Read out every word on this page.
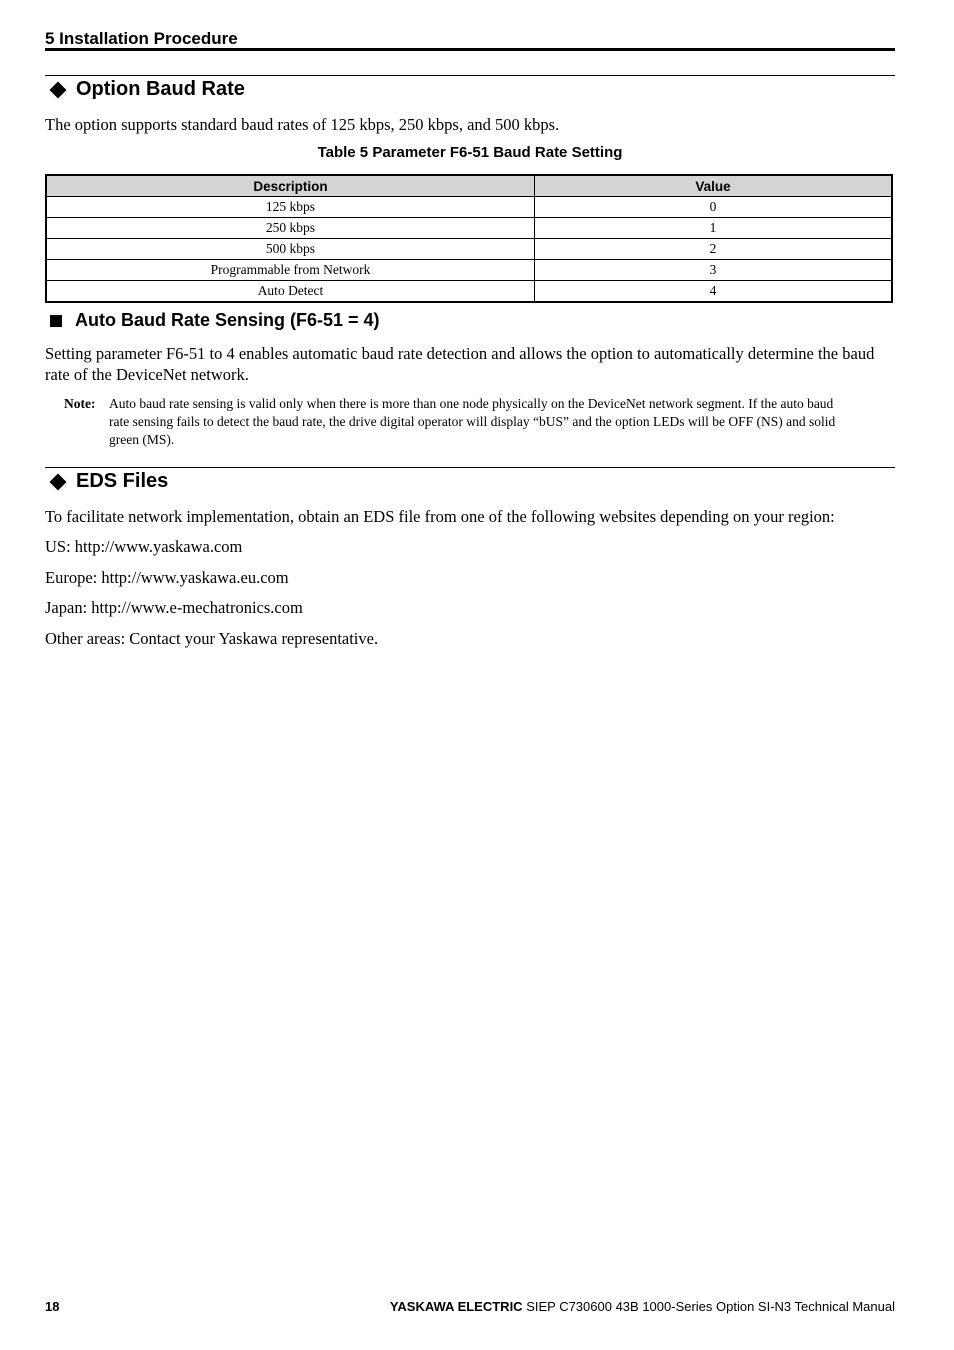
5 Installation Procedure
Option Baud Rate
The option supports standard baud rates of 125 kbps, 250 kbps, and 500 kbps.
Table 5 Parameter F6-51 Baud Rate Setting
Description	Value
125 kbps	0
250 kbps	1
500 kbps	2
Programmable from Network	3
Auto Detect	4
Auto Baud Rate Sensing (F6-51 = 4)
Setting parameter F6-51 to 4 enables automatic baud rate detection and allows the option to automatically determine the baud rate of the DeviceNet network.
Note:	Auto baud rate sensing is valid only when there is more than one node physically on the DeviceNet network segment. If the auto baud rate sensing fails to detect the baud rate, the drive digital operator will display “bUS” and the option LEDs will be OFF (NS) and solid green (MS).
EDS Files
To facilitate network implementation, obtain an EDS file from one of the following websites depending on your region:
US: http://www.yaskawa.com
Europe: http://www.yaskawa.eu.com
Japan: http://www.e-mechatronics.com
Other areas: Contact your Yaskawa representative.
18	YASKAWA ELECTRIC SIEP C730600 43B 1000-Series Option SI-N3 Technical Manual
